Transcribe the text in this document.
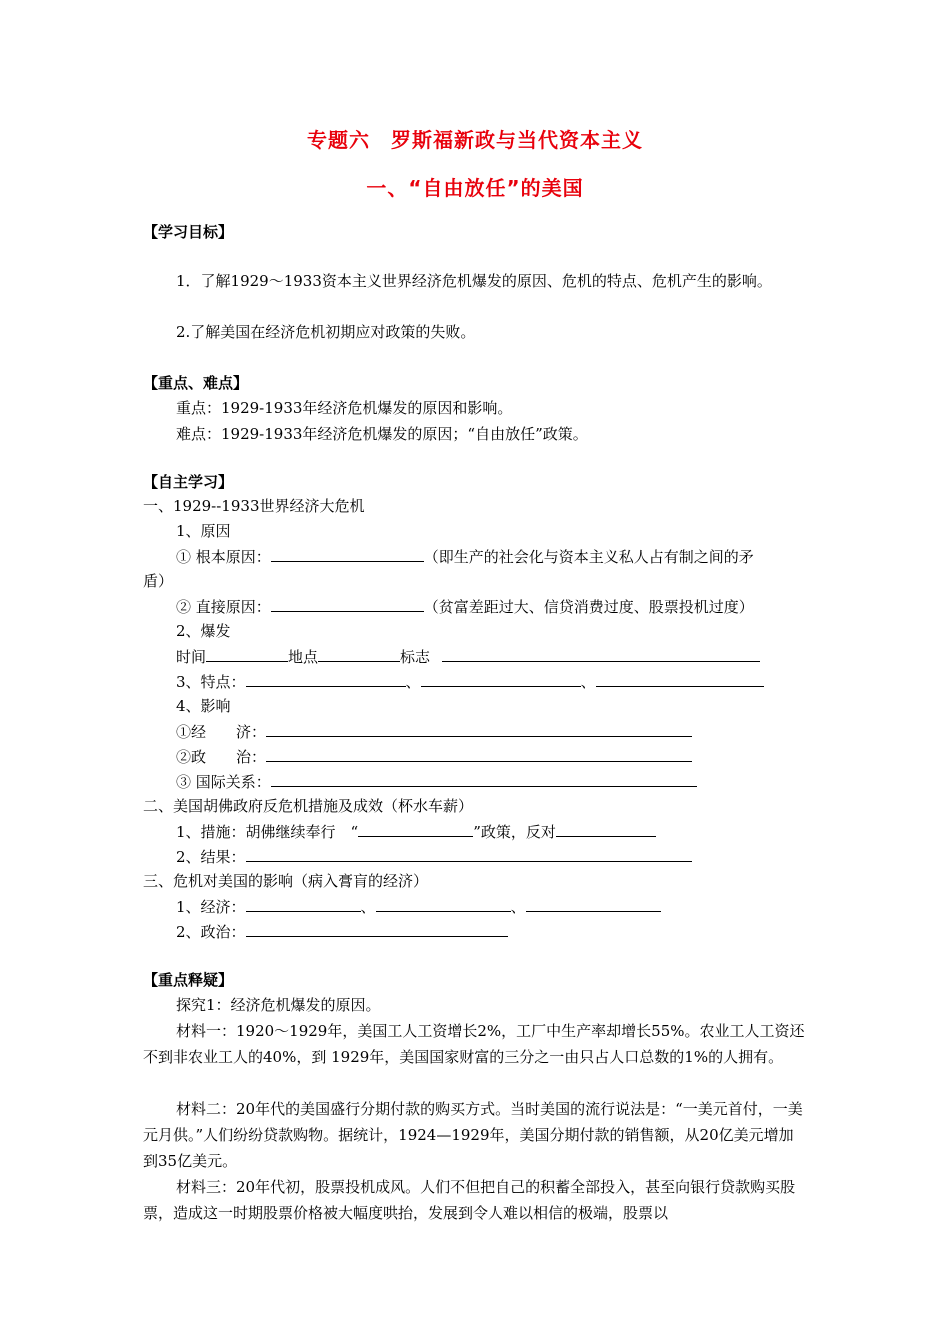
专题六　罗斯福新政与当代资本主义
一、“自由放任”的美国
【学习目标】
1．了解1929～1933资本主义世界经济危机爆发的原因、危机的特点、危机产生的影响。
2.了解美国在经济危机初期应对政策的失败。
【重点、难点】
重点：1929-1933年经济危机爆发的原因和影响。
难点：1929-1933年经济危机爆发的原因；“自由放任”政策。
【自主学习】
一、1929--1933世界经济大危机
1、原因
① 根本原因：	（即生产的社会化与资本主义私人占有制之间的矛
盾）
② 直接原因：	（贫富差距过大、信贷消费过度、股票投机过度）
2、爆发
时间	地点	标志
3、特点：	、	、
4、影响
①经　　济：
②政　　治：
③ 国际关系：
二、美国胡佛政府反危机措施及成效（杯水车薪）
1、措施：胡佛继续奉行　“	”政策，反对
2、结果：
三、危机对美国的影响（病入膏肓的经济）
1、经济：	、	、
2、政治：
【重点释疑】
探究1：经济危机爆发的原因。
材料一：1920～1929年，美国工人工资增长2%，工厂中生产率却增长55%。农业工人工资还不到非农业工人的40%，到 1929年，美国国家财富的三分之一由只占人口总数的1%的人拥有。
材料二：20年代的美国盛行分期付款的购买方式。当时美国的流行说法是：“一美元首付，一美元月供。”人们纷纷贷款购物。据统计，1924—1929年，美国分期付款的销售额，从20亿美元增加到35亿美元。
材料三：20年代初，股票投机成风。人们不但把自己的积蓄全部投入，甚至向银行贷款购买股票，造成这一时期股票价格被大幅度哄抬，发展到令人难以相信的极端，股票以
